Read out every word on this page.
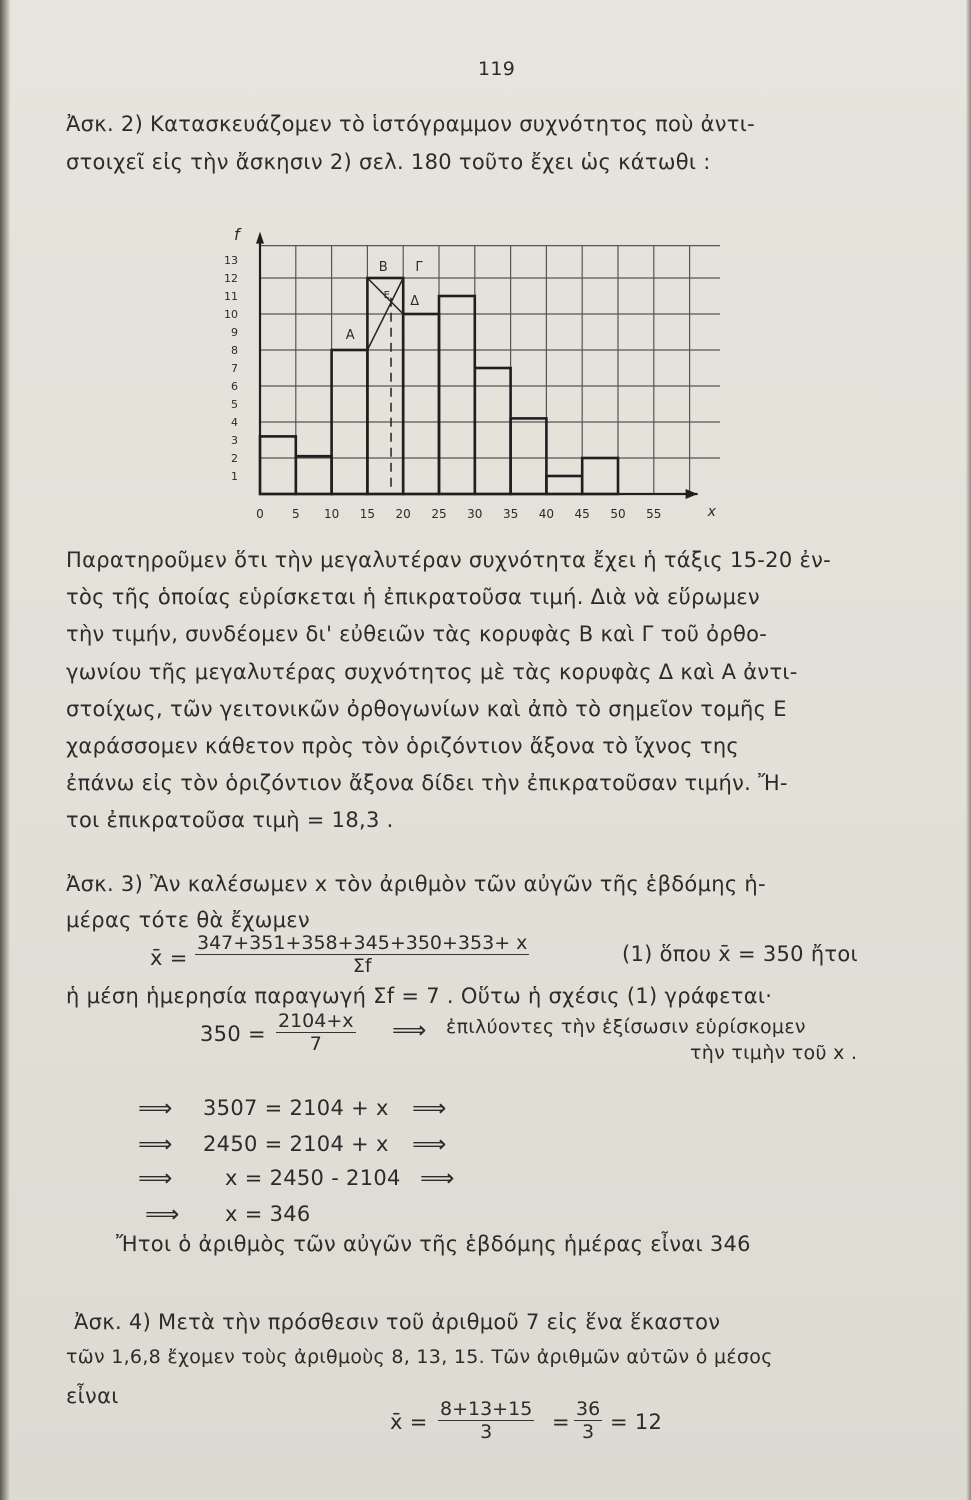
119
Ἀσκ. 2) Κατασκευάζομεν τὸ ἱστόγραμμον συχνότητος ποὺ ἀντι-
στοιχεῖ εἰς τὴν ἄσκησιν 2) σελ. 180 τοῦτο ἔχει ὡς κάτωθι :
0 5 10 15 20 25 30 35 40 45 50 55
1
2
3
4
5
6
7
8
9
10
11
12
13
x
f
B Γ
E
Α
Δ
Παρατηροῦμεν ὅτι τὴν μεγαλυτέραν συχνότητα ἔχει ἡ τάξις 15-20 ἐν-
τὸς τῆς ὁποίας εὑρίσκεται ἡ ἐπικρατοῦσα τιμή. Διὰ νὰ εὕρωμεν
τὴν τιμήν, συνδέομεν δι' εὐθειῶν τὰς κορυφὰς Β καὶ Γ τοῦ ὀρθο-
γωνίου τῆς μεγαλυτέρας συχνότητος μὲ τὰς κορυφὰς Δ καὶ Α ἀντι-
στοίχως, τῶν γειτονικῶν ὀρθογωνίων καὶ ἀπὸ τὸ σημεῖον τομῆς Ε
χαράσσομεν κάθετον πρὸς τὸν ὁριζόντιον ἄξονα τὸ ἴχνος της
ἐπάνω εἰς τὸν ὁριζόντιον ἄξονα δίδει τὴν ἐπικρατοῦσαν τιμήν. Ἤ-
τοι ἐπικρατοῦσα τιμὴ = 18,3 .
Ἀσκ. 3) Ἂν καλέσωμεν x τὸν ἀριθμὸν τῶν αὐγῶν τῆς ἑβδόμης ἡ-
μέρας τότε θὰ ἔχωμεν
x̄ = $\frac{347+351+358+345+350+353+ x}{\Sigma f}$	(1) ὅπου x̄ = 350 ἤτοι
ἡ μέση ἡμερησία παραγωγή Σf = 7 . Οὕτω ἡ σχέσις (1) γράφεται·
$350 = \frac{2104+x}{7}$ ⟹ ἐπιλύοντες τὴν ἐξίσωσιν εὑρίσκομεν
τὴν τιμὴν τοῦ x .
⟹ 3507 = 2104 + x ⟹
⟹ 2450 = 2104 + x ⟹
⟹ x = 2450 - 2104 ⟹
⟹ x = 346
Ἤτοι ὁ ἀριθμὸς τῶν αὐγῶν τῆς ἑβδόμης ἡμέρας εἶναι 346
Ἀσκ. 4) Μετὰ τὴν πρόσθεσιν τοῦ ἀριθμοῦ 7 εἰς ἕνα ἕκαστον
τῶν 1,6,8 ἔχομεν τοὺς ἀριθμοὺς 8, 13, 15. Τῶν ἀριθμῶν αὐτῶν ὁ μέσος
εἶναι
x̄ = $\frac{8+13+15}{3} = \frac{36}{3} = 12$
